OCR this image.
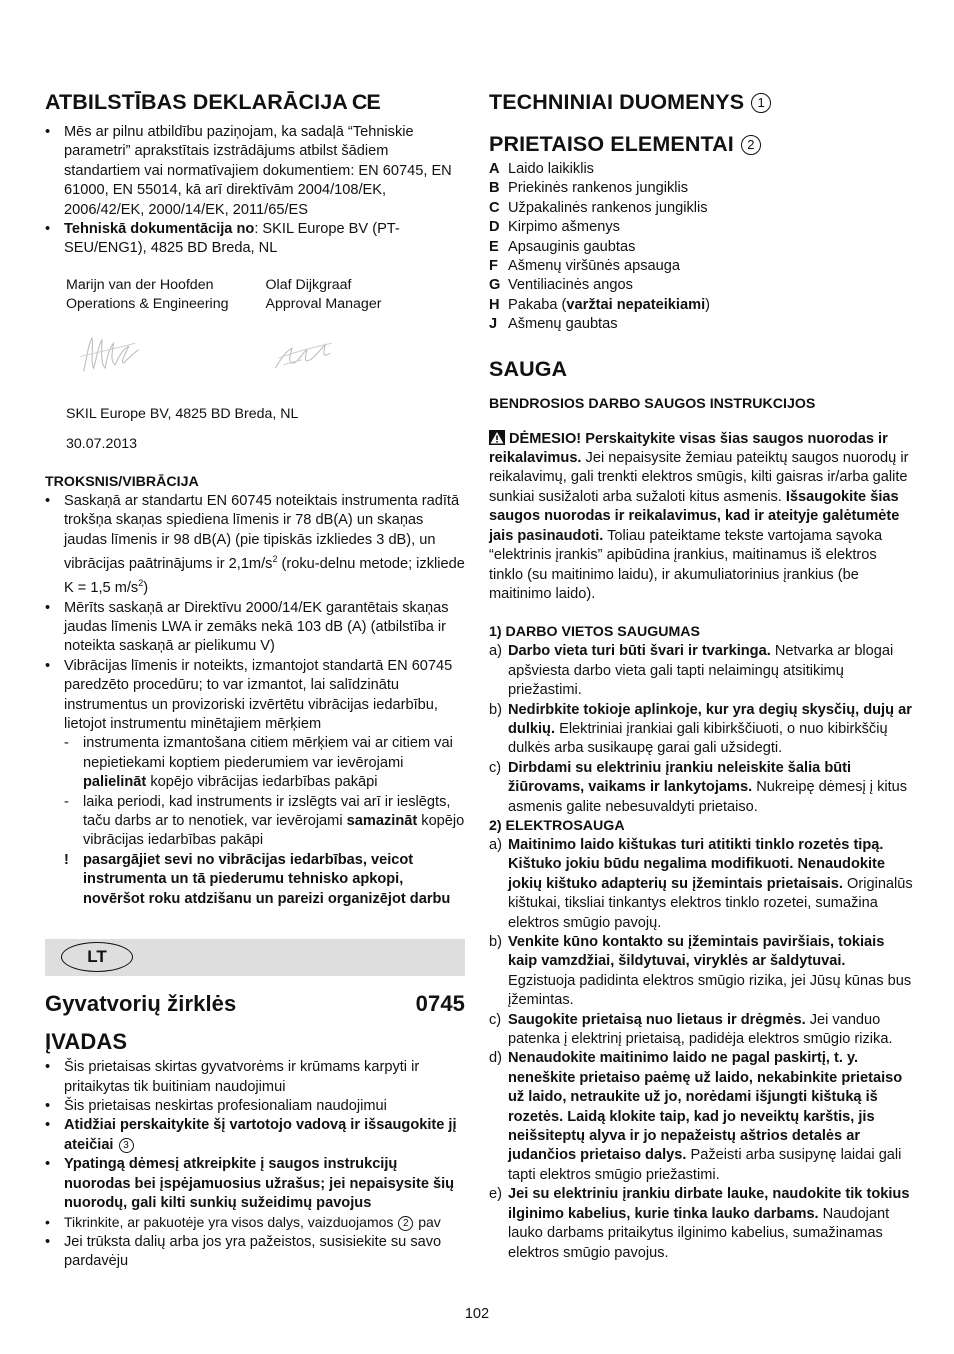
ATBILSTĪBAS DEKLARĀCIJA CE
• Mēs ar pilnu atbildību paziņojam, ka sadaļā “Tehniskie parametri” aprakstītais izstrādājums atbilst šādiem standartiem vai normatīvajiem dokumentiem: EN 60745, EN 61000, EN 55014, kā arī direktīvām 2004/108/EK, 2006/42/EK, 2000/14/EK, 2011/65/ES
• Tehniskā dokumentācija no: SKIL Europe BV (PT-SEU/ENG1), 4825 BD Breda, NL
Marijn van der Hoofden
Operations & Engineering
Olaf Dijkgraaf
Approval Manager
SKIL Europe BV, 4825 BD Breda, NL
30.07.2013
TROKSNIS/VIBRĀCIJA
• Saskaņā ar standartu EN 60745 noteiktais instrumenta radītā trokšņa skaņas spiediena līmenis ir 78 dB(A) un skaņas jaudas līmenis ir 98 dB(A) (pie tipiskās izkliedes 3 dB), un vibrācijas paātrinājums ir $2,1m/s^2$ (roku-delnu metode; izkliede K = 1,5 $m/s^2$)
• Mērīts saskaņā ar Direktīvu 2000/14/EK garantētais skaņas jaudas līmenis LWA ir zemāks nekā 103 dB (A) (atbilstība ir noteikta saskaņā ar pielikumu V)
• Vibrācijas līmenis ir noteikts, izmantojot standartā EN 60745 paredzēto procedūru; to var izmantot, lai salīdzinātu instrumentus un provizoriski izvērtētu vibrācijas iedarbību, lietojot instrumentu minētajiem mērķiem
- instrumenta izmantošana citiem mērķiem vai ar citiem vai nepietiekami koptiem piederumiem var ievērojami palielināt kopējo vibrācijas iedarbības pakāpi
- laika periodi, kad instruments ir izslēgts vai arī ir ieslēgts, taču darbs ar to nenotiek, var ievērojami samazināt kopējo vibrācijas iedarbības pakāpi
! pasargājiet sevi no vibrācijas iedarbības, veicot instrumenta un tā piederumu tehnisko apkopi, novēršot roku atdzišanu un pareizi organizējot darbu
LT
Gyvatvorių žirklės	0745
ĮVADAS
• Šis prietaisas skirtas gyvatvorėms ir krūmams karpyti ir pritaikytas tik buitiniam naudojimui
• Šis prietaisas neskirtas profesionaliam naudojimui
• Atidžiai perskaitykite šį vartotojo vadovą ir išsaugokite jį ateičiai 3
• Ypatingą dėmesį atkreipkite į saugos instrukcijų nuorodas bei įspėjamuosius užrašus; jei nepaisysite šių nuorodų, gali kilti sunkių sužeidimų pavojus
• Tikrinkite, ar pakuotėje yra visos dalys, vaizduojamos 2 pav
• Jei trūksta dalių arba jos yra pažeistos, susisiekite su savo pardavėju
TECHNINIAI DUOMENYS 1
PRIETAISO ELEMENTAI 2
A Laido laikiklis
B Priekinės rankenos jungiklis
C Užpakalinės rankenos jungiklis
D Kirpimo ašmenys
E Apsauginis gaubtas
F Ašmenų viršūnės apsauga
G Ventiliacinės angos
H Pakaba (varžtai nepateikiami)
J Ašmenų gaubtas
SAUGA
BENDROSIOS DARBO SAUGOS INSTRUKCIJOS

DĖMESIO! Perskaitykite visas šias saugos nuorodas ir reikalavimus. Jei nepaisysite žemiau pateiktų saugos nuorodų ir reikalavimų, gali trenkti elektros smūgis, kilti gaisras ir/arba galite sunkiai susižaloti arba sužaloti kitus asmenis. Išsaugokite šias saugos nuorodas ir reikalavimus, kad ir ateityje galėtumėte jais pasinaudoti. Toliau pateiktame tekste vartojama sąvoka “elektrinis įrankis” apibūdina įrankius, maitinamus iš elektros tinklo (su maitinimo laidu), ir akumuliatorinius įrankius (be maitinimo laido).

1) DARBO VIETOS SAUGUMAS
a) Darbo vieta turi būti švari ir tvarkinga. Netvarka ar blogai apšviesta darbo vieta gali tapti nelaimingų atsitikimų priežastimi.
b) Nedirbkite tokioje aplinkoje, kur yra degių skysčių, dujų ar dulkių. Elektriniai įrankiai gali kibirkščiuoti, o nuo kibirkščių dulkės arba susikaupę garai gali užsidegti.
c) Dirbdami su elektriniu įrankiu neleiskite šalia būti žiūrovams, vaikams ir lankytojams. Nukreipę dėmesį į kitus asmenis galite nebesuvaldyti prietaiso.
2) ELEKTROSAUGA
a) Maitinimo laido kištukas turi atitikti tinklo rozetės tipą. Kištuko jokiu būdu negalima modifikuoti. Nenaudokite jokių kištuko adapterių su įžemintais prietaisais. Originalūs kištukai, tiksliai tinkantys elektros tinklo rozetei, sumažina elektros smūgio pavojų.
b) Venkite kūno kontakto su įžemintais paviršiais, tokiais kaip vamzdžiai, šildytuvai, viryklės ar šaldytuvai. Egzistuoja padidinta elektros smūgio rizika, jei Jūsų kūnas bus įžemintas.
c) Saugokite prietaisą nuo lietaus ir drėgmės. Jei vanduo patenka į elektrinį prietaisą, padidėja elektros smūgio rizika.
d) Nenaudokite maitinimo laido ne pagal paskirtį, t. y. neneškite prietaiso paėmę už laido, nekabinkite prietaiso už laido, netraukite už jo, norėdami išjungti kištuką iš rozetės. Laidą klokite taip, kad jo neveiktų karštis, jis neišsiteptų alyva ir jo nepažeistų aštrios detalės ar judančios prietaiso dalys. Pažeisti arba susipynę laidai gali tapti elektros smūgio priežastimi.
e) Jei su elektriniu įrankiu dirbate lauke, naudokite tik tokius ilginimo kabelius, kurie tinka lauko darbams. Naudojant lauko darbams pritaikytus ilginimo kabelius, sumažinamas elektros smūgio pavojus.
102
